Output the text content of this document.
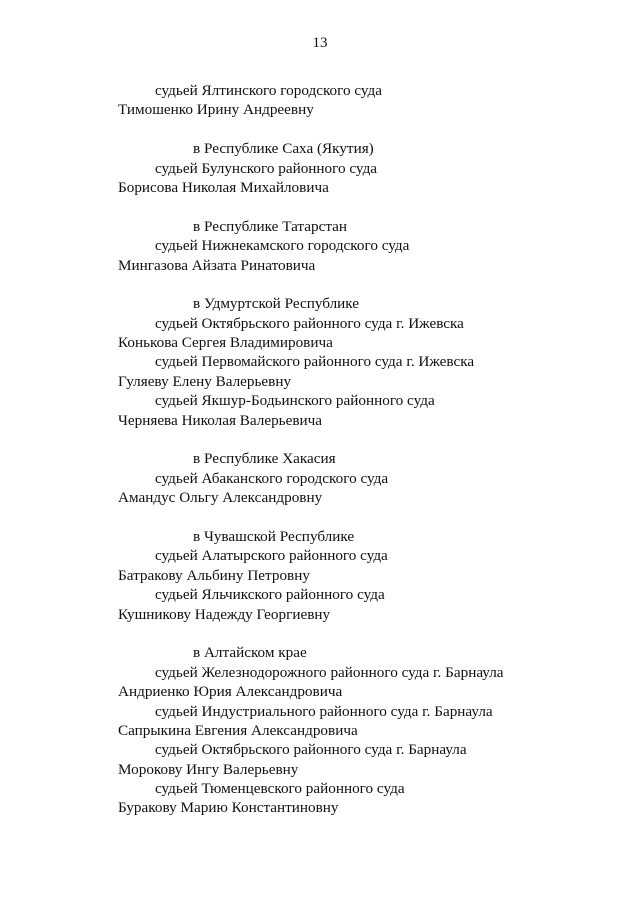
13
судьей Ялтинского городского суда
Тимошенко Ирину Андреевну
в Республике Саха (Якутия)
судьей Булунского районного суда
Борисова Николая Михайловича
в Республике Татарстан
судьей Нижнекамского городского суда
Мингазова Айзата Ринатовича
в Удмуртской Республике
судьей Октябрьского районного суда г. Ижевска
Конькова Сергея Владимировича
судьей Первомайского районного суда г. Ижевска
Гуляеву Елену Валерьевну
судьей Якшур-Бодьинского районного суда
Черняева Николая Валерьевича
в Республике Хакасия
судьей Абаканского городского суда
Амандус Ольгу Александровну
в Чувашской Республике
судьей Алатырского районного суда
Батракову Альбину Петровну
судьей Яльчикского районного суда
Кушникову Надежду Георгиевну
в Алтайском крае
судьей Железнодорожного районного суда г. Барнаула
Андриенко Юрия Александровича
судьей Индустриального районного суда г. Барнаула
Сапрыкина Евгения Александровича
судьей Октябрьского районного суда г. Барнаула
Морокову Ингу Валерьевну
судьей Тюменцевского районного суда
Буракову Марию Константиновну
